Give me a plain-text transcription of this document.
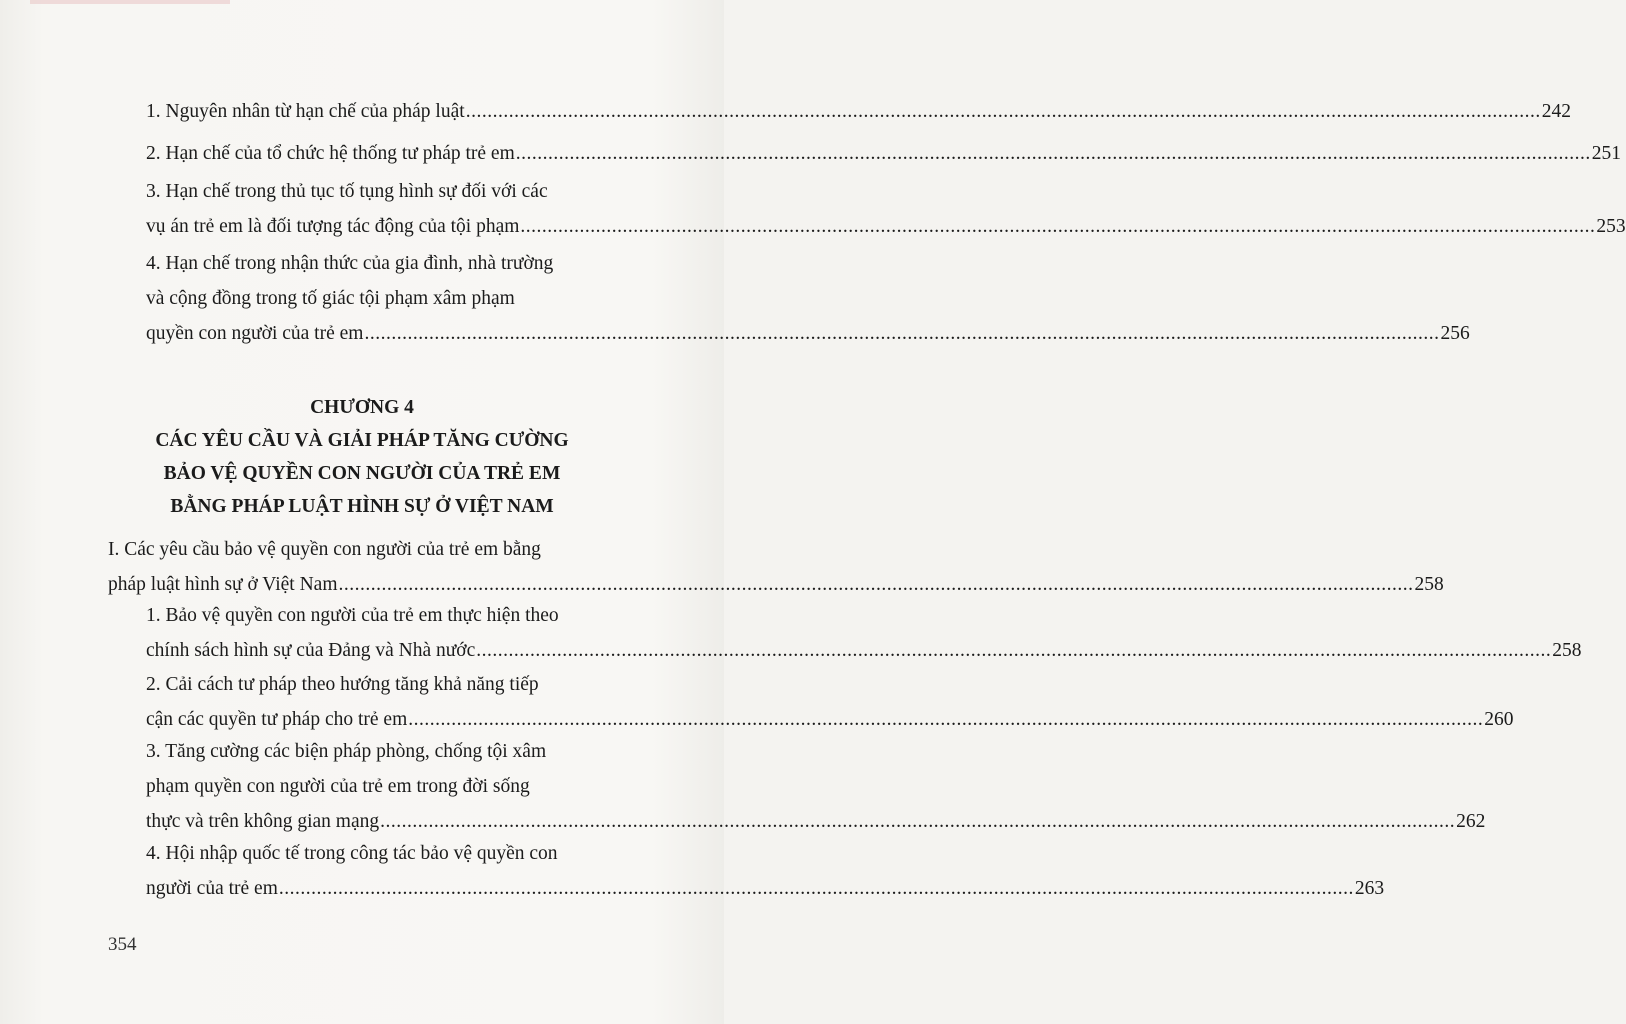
1. Nguyên nhân từ hạn chế của pháp luật ........................................................................................................................................................................................................ 242
2. Hạn chế của tổ chức hệ thống tư pháp trẻ em ........................................................................................................................................................................................................ 251
3. Hạn chế trong thủ tục tố tụng hình sự đối với các
vụ án trẻ em là đối tượng tác động của tội phạm ........................................................................................................................................................................................................ 253
4. Hạn chế trong nhận thức của gia đình, nhà trường
và cộng đồng trong tố giác tội phạm xâm phạm
quyền con người của trẻ em ........................................................................................................................................................................................................ 256
CHƯƠNG 4
CÁC YÊU CẦU VÀ GIẢI PHÁP TĂNG CƯỜNG
BẢO VỆ QUYỀN CON NGƯỜI CỦA TRẺ EM
BẰNG PHÁP LUẬT HÌNH SỰ Ở VIỆT NAM
I. Các yêu cầu bảo vệ quyền con người của trẻ em bằng
pháp luật hình sự ở Việt Nam ........................................................................................................................................................................................................ 258
1. Bảo vệ quyền con người của trẻ em thực hiện theo
chính sách hình sự của Đảng và Nhà nước ........................................................................................................................................................................................................ 258
2. Cải cách tư pháp theo hướng tăng khả năng tiếp
cận các quyền tư pháp cho trẻ em ........................................................................................................................................................................................................ 260
3. Tăng cường các biện pháp phòng, chống tội xâm
phạm quyền con người của trẻ em trong đời sống
thực và trên không gian mạng ........................................................................................................................................................................................................ 262
4. Hội nhập quốc tế trong công tác bảo vệ quyền con
người của trẻ em ........................................................................................................................................................................................................ 263
354
